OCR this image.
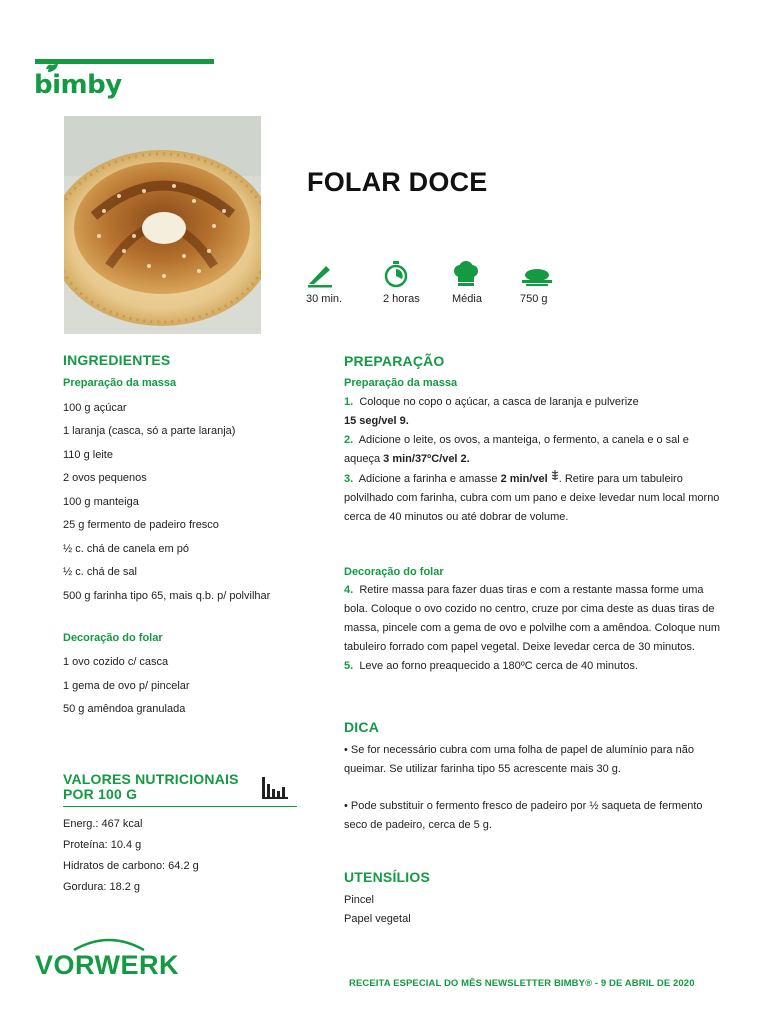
bimby
FOLAR DOCE
30 min.	2 horas	Média	750 g
INGREDIENTES
Preparação da massa
100 g açúcar
1 laranja (casca, só a parte laranja)
110 g leite
2 ovos pequenos
100 g manteiga
25 g fermento de padeiro fresco
½ c. chá de canela em pó
½ c. chá de sal
500 g farinha tipo 65, mais q.b. p/ polvilhar
Decoração do folar
1 ovo cozido c/ casca
1 gema de ovo p/ pincelar
50 g amêndoa granulada
VALORES NUTRICIONAIS
POR 100 G
Energ.: 467 kcal
Proteína: 10.4 g
Hidratos de carbono: 64.2 g
Gordura: 18.2 g
PREPARAÇÃO
Preparação da massa
1. Coloque no copo o açúcar, a casca de laranja e pulverize
15 seg/vel 9.
2. Adicione o leite, os ovos, a manteiga, o fermento, a canela e o sal e aqueça 3 min/37ºC/vel 2.
3. Adicione a farinha e amasse 2 min/vel . Retire para um tabuleiro polvilhado com farinha, cubra com um pano e deixe levedar num local morno cerca de 40 minutos ou até dobrar de volume.
Decoração do folar
4. Retire massa para fazer duas tiras e com a restante massa forme uma bola. Coloque o ovo cozido no centro, cruze por cima deste as duas tiras de massa, pincele com a gema de ovo e polvilhe com a amêndoa. Coloque num tabuleiro forrado com papel vegetal. Deixe levedar cerca de 30 minutos.
5. Leve ao forno preaquecido a 180ºC cerca de 40 minutos.
DICA
• Se for necessário cubra com uma folha de papel de alumínio para não queimar. Se utilizar farinha tipo 55 acrescente mais 30 g.
• Pode substituir o fermento fresco de padeiro por ½ saqueta de fermento seco de padeiro, cerca de 5 g.
UTENSÍLIOS
Pincel
Papel vegetal
VORWERK
RECEITA ESPECIAL DO MÊS NEWSLETTER BIMBY® - 9 DE ABRIL DE 2020
